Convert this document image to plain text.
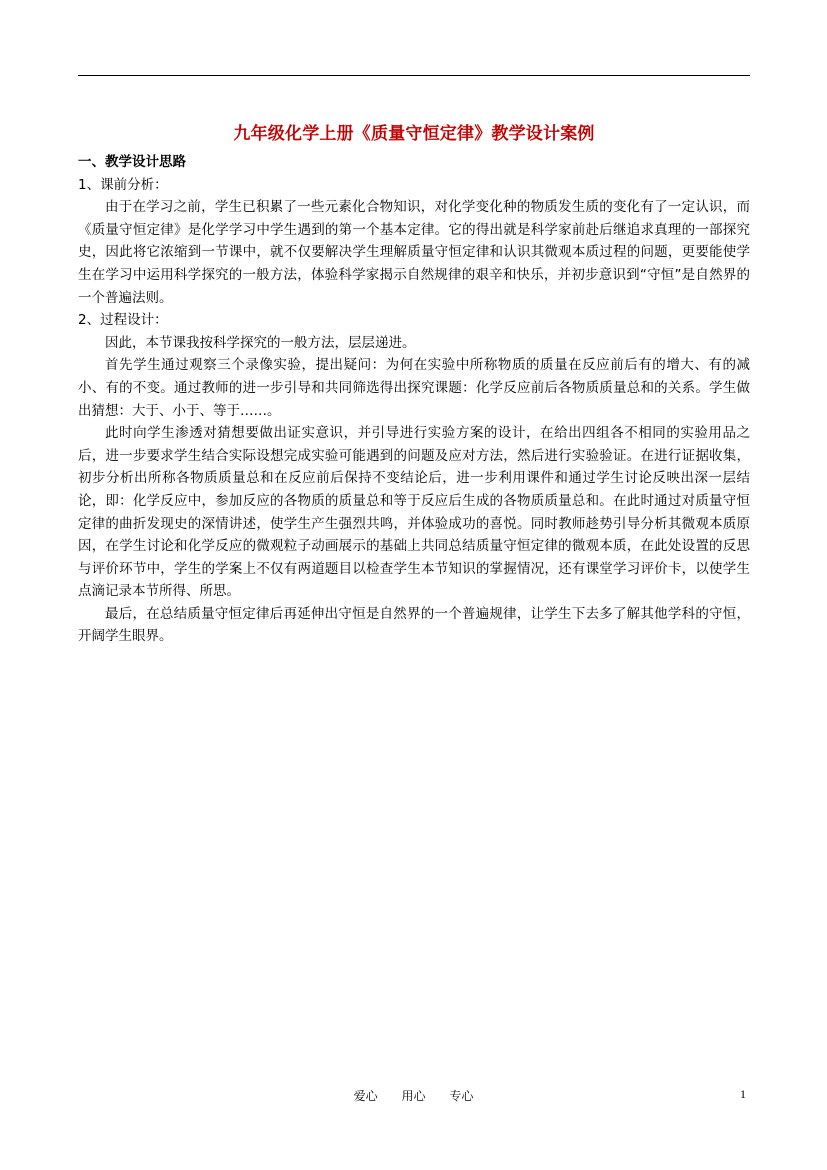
九年级化学上册《质量守恒定律》教学设计案例

一、教学设计思路

1、课前分析：

由于在学习之前，学生已积累了一些元素化合物知识，对化学变化种的物质发生质的变化有了一定认识，而《质量守恒定律》是化学学习中学生遇到的第一个基本定律。它的得出就是科学家前赴后继追求真理的一部探究史，因此将它浓缩到一节课中，就不仅要解决学生理解质量守恒定律和认识其微观本质过程的问题，更要能使学生在学习中运用科学探究的一般方法，体验科学家揭示自然规律的艰辛和快乐，并初步意识到“守恒”是自然界的一个普遍法则。

2、过程设计：

因此，本节课我按科学探究的一般方法，层层递进。

首先学生通过观察三个录像实验，提出疑问：为何在实验中所称物质的质量在反应前后有的增大、有的减小、有的不变。通过教师的进一步引导和共同筛选得出探究课题：化学反应前后各物质质量总和的关系。学生做出猜想：大于、小于、等于……。

此时向学生渗透对猜想要做出证实意识，并引导进行实验方案的设计，在给出四组各不相同的实验用品之后，进一步要求学生结合实际设想完成实验可能遇到的问题及应对方法，然后进行实验验证。在进行证据收集，初步分析出所称各物质质量总和在反应前后保持不变结论后，进一步利用课件和通过学生讨论反映出深一层结论，即：化学反应中，参加反应的各物质的质量总和等于反应后生成的各物质质量总和。在此时通过对质量守恒定律的曲折发现史的深情讲述，使学生产生强烈共鸣，并体验成功的喜悦。同时教师趁势引导分析其微观本质原因，在学生讨论和化学反应的微观粒子动画展示的基础上共同总结质量守恒定律的微观本质，在此处设置的反思与评价环节中，学生的学案上不仅有两道题目以检查学生本节知识的掌握情况，还有课堂学习评价卡，以使学生点滴记录本节所得、所思。

最后，在总结质量守恒定律后再延伸出守恒是自然界的一个普遍规律，让学生下去多了解其他学科的守恒，开阔学生眼界。

爱心 用心 专心	1
